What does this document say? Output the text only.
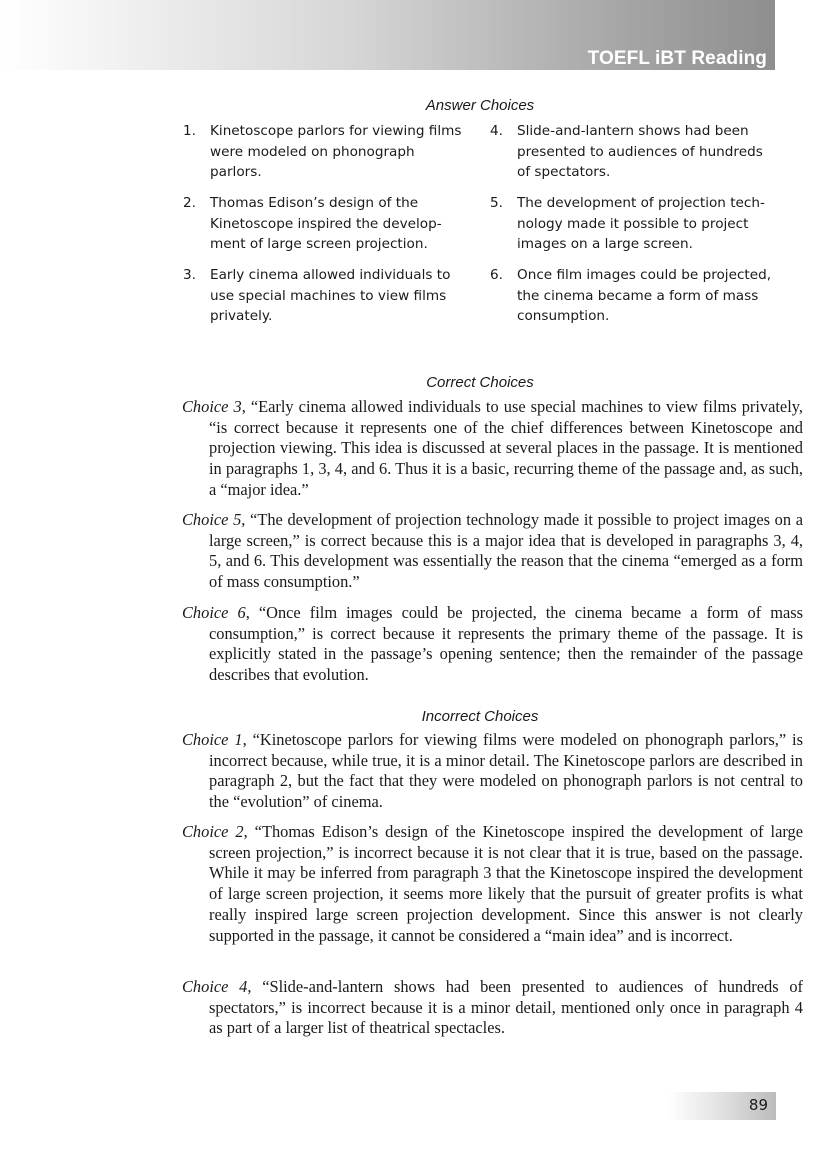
TOEFL iBT Reading
Answer Choices
1. Kinetoscope parlors for viewing films were modeled on phonograph parlors.
2. Thomas Edison’s design of the Kinetoscope inspired the development of large screen projection.
3. Early cinema allowed individuals to use special machines to view films privately.
4. Slide-and-lantern shows had been presented to audiences of hundreds of spectators.
5. The development of projection technology made it possible to project images on a large screen.
6. Once film images could be projected, the cinema became a form of mass consumption.
Correct Choices

Choice 3, “Early cinema allowed individuals to use special machines to view films privately, “is correct because it represents one of the chief differences between Kinetoscope and projection viewing. This idea is discussed at several places in the passage. It is mentioned in paragraphs 1, 3, 4, and 6. Thus it is a basic, recurring theme of the passage and, as such, a “major idea.”

Choice 5, “The development of projection technology made it possible to project images on a large screen,” is correct because this is a major idea that is developed in paragraphs 3, 4, 5, and 6. This development was essentially the reason that the cinema “emerged as a form of mass consumption.”

Choice 6, “Once film images could be projected, the cinema became a form of mass consumption,” is correct because it represents the primary theme of the passage. It is explicitly stated in the passage’s opening sentence; then the remainder of the passage describes that evolution.

Incorrect Choices

Choice 1, “Kinetoscope parlors for viewing films were modeled on phonograph parlors,” is incorrect because, while true, it is a minor detail. The Kinetoscope parlors are described in paragraph 2, but the fact that they were modeled on phonograph parlors is not central to the “evolution” of cinema.

Choice 2, “Thomas Edison’s design of the Kinetoscope inspired the development of large screen projection,” is incorrect because it is not clear that it is true, based on the passage. While it may be inferred from paragraph 3 that the Kinetoscope inspired the development of large screen projection, it seems more likely that the pursuit of greater profits is what really inspired large screen projection development. Since this answer is not clearly supported in the passage, it cannot be considered a “main idea” and is incorrect.

Choice 4, “Slide-and-lantern shows had been presented to audiences of hundreds of spectators,” is incorrect because it is a minor detail, mentioned only once in paragraph 4 as part of a larger list of theatrical spectacles.

89
